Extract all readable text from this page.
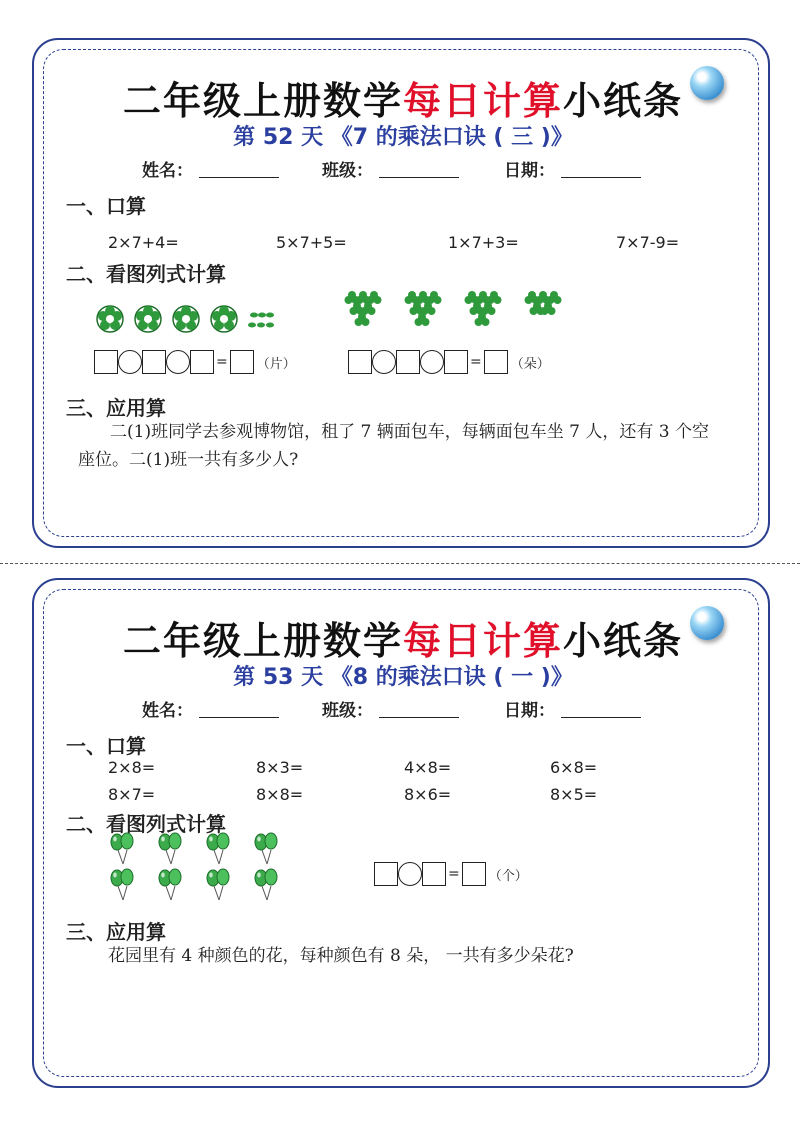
二年级上册数学每日计算小纸条
第 52 天 《7 的乘法口诀 ( 三 )》
姓名：	班级：	日期：
一、口算
2×7+4=	5×7+5=	1×7+3=	7×7-9=
二、看图列式计算
= （片）	= （朵）
三、应用算
二(1)班同学去参观博物馆，租了 7 辆面包车，每辆面包车坐 7 人，还有 3 个空座位。二(1)班一共有多少人?
二年级上册数学每日计算小纸条
第 53 天 《8 的乘法口诀 ( 一 )》
姓名：	班级：	日期：
一、口算
2×8=	8×3=	4×8=	6×8=
8×7=	8×8=	8×6=	8×5=
二、看图列式计算
= （个）
三、应用算
花园里有 4 种颜色的花，每种颜色有 8 朵， 一共有多少朵花?
